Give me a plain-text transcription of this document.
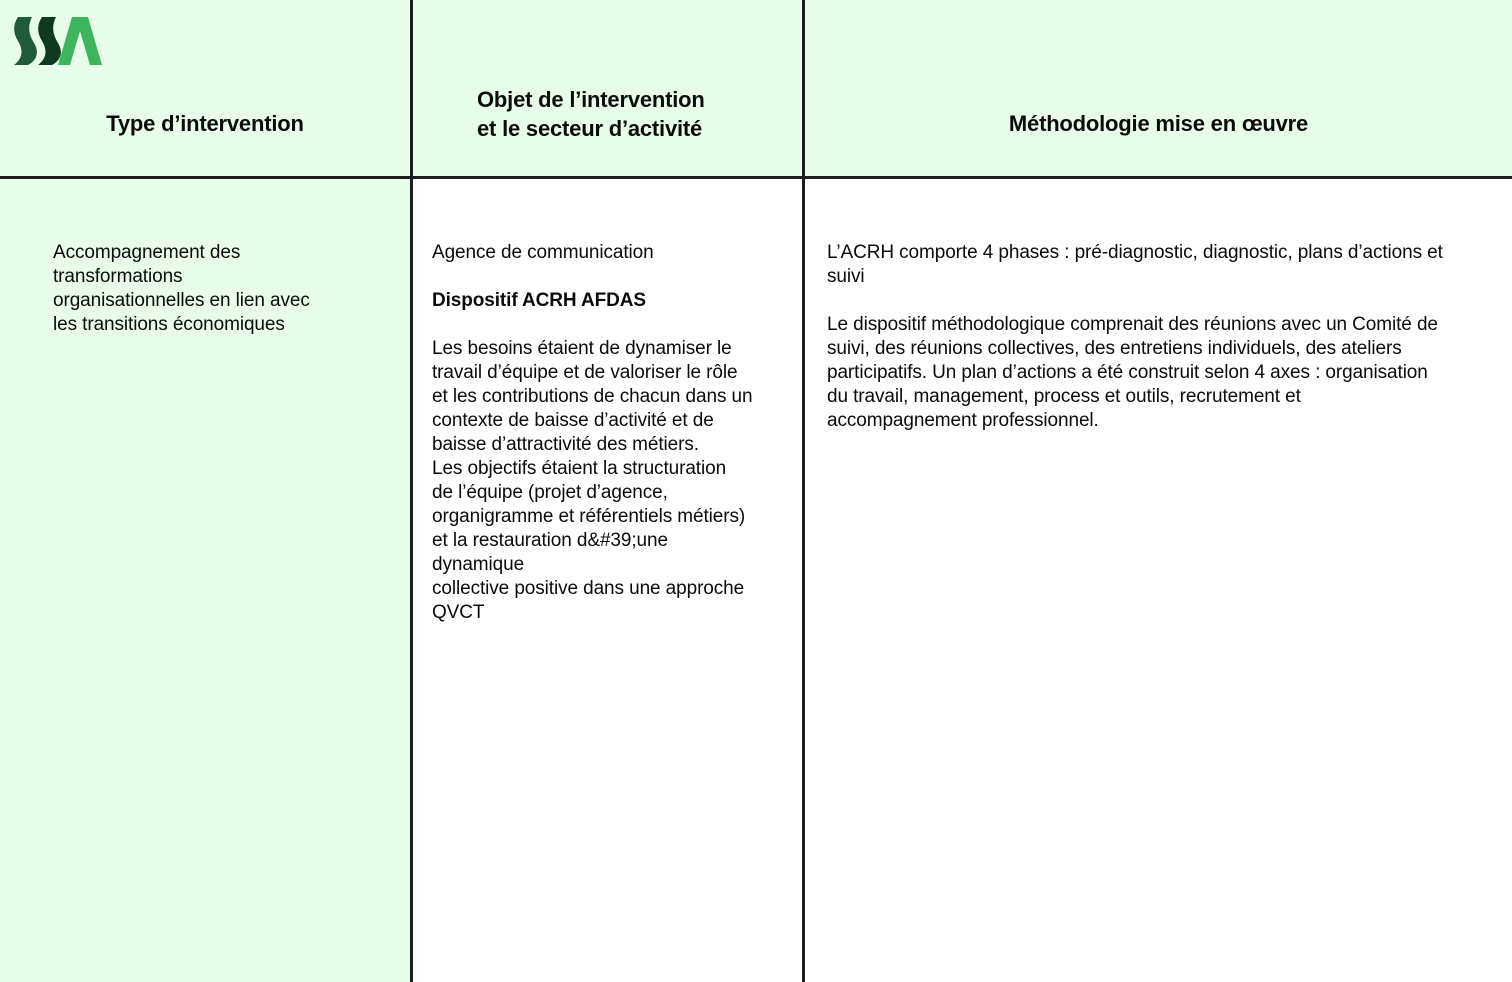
Type d’intervention
Objet de l’intervention
et le secteur d’activité	Méthodologie mise en œuvre
Accompagnement des
transformations
organisationnelles en lien avec
les transitions économiques
Agence de communication
Dispositif ACRH AFDAS
Les besoins étaient de dynamiser le
travail d’équipe et de valoriser le rôle
et les contributions de chacun dans un
contexte de baisse d’activité et de
baisse d’attractivité des métiers.
Les objectifs étaient la structuration
de l’équipe (projet d’agence,
organigramme et référentiels métiers)
et la restauration d&#39;une
dynamique
collective positive dans une approche
QVCT
L’ACRH comporte 4 phases : pré-diagnostic, diagnostic, plans d’actions et
suivi
Le dispositif méthodologique comprenait des réunions avec un Comité de
suivi, des réunions collectives, des entretiens individuels, des ateliers
participatifs. Un plan d’actions a été construit selon 4 axes : organisation
du travail, management, process et outils, recrutement et
accompagnement professionnel.
